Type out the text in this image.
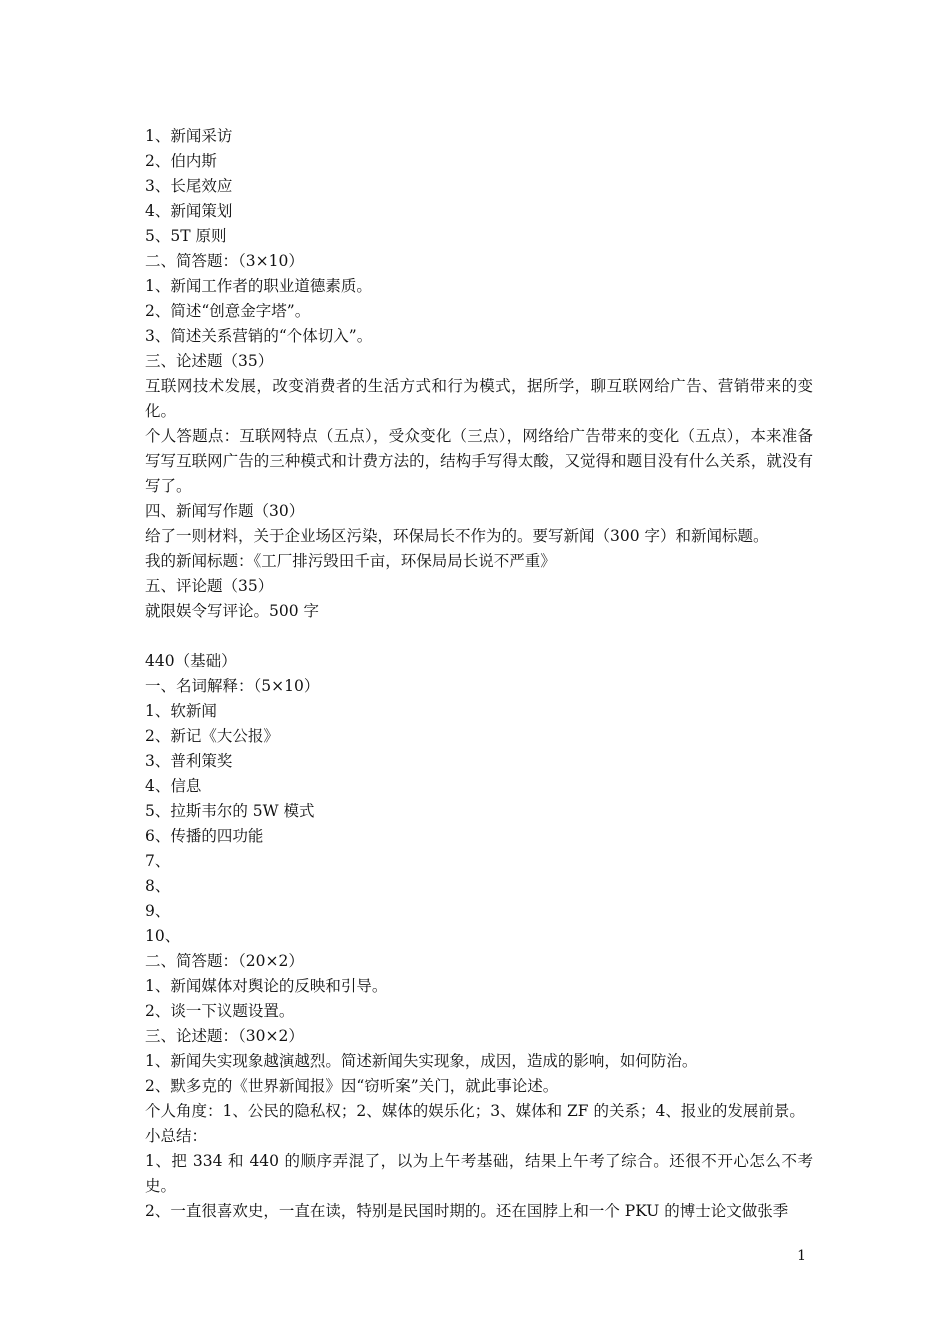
1、新闻采访
2、伯内斯
3、长尾效应
4、新闻策划
5、5T 原则
二、简答题：（3×10）
1、新闻工作者的职业道德素质。
2、简述“创意金字塔”。
3、简述关系营销的“个体切入”。
三、论述题（35）
互联网技术发展，改变消费者的生活方式和行为模式，据所学，聊互联网给广告、营销带来的变化。
个人答题点：互联网特点（五点），受众变化（三点），网络给广告带来的变化（五点），本来准备写写互联网广告的三种模式和计费方法的，结构手写得太酸，又觉得和题目没有什么关系，就没有写了。
四、新闻写作题（30）
给了一则材料，关于企业场区污染，环保局长不作为的。要写新闻（300 字）和新闻标题。
我的新闻标题：《工厂排污毁田千亩，环保局局长说不严重》
五、评论题（35）
就限娱令写评论。500 字
440（基础）
一、名词解释：（5×10）
1、软新闻
2、新记《大公报》
3、普利策奖
4、信息
5、拉斯韦尔的 5W 模式
6、传播的四功能
7、
8、
9、
10、
二、简答题：（20×2）
1、新闻媒体对舆论的反映和引导。
2、谈一下议题设置。
三、论述题：（30×2）
1、新闻失实现象越演越烈。简述新闻失实现象，成因，造成的影响，如何防治。
2、默多克的《世界新闻报》因“窃听案”关门，就此事论述。
个人角度：1、公民的隐私权；2、媒体的娱乐化；3、媒体和 ZF 的关系；4、报业的发展前景。
小总结：
1、把 334 和 440 的顺序弄混了，以为上午考基础，结果上午考了综合。还很不开心怎么不考史。
2、一直很喜欢史，一直在读，特别是民国时期的。还在国脖上和一个 PKU 的博士论文做张季
1
